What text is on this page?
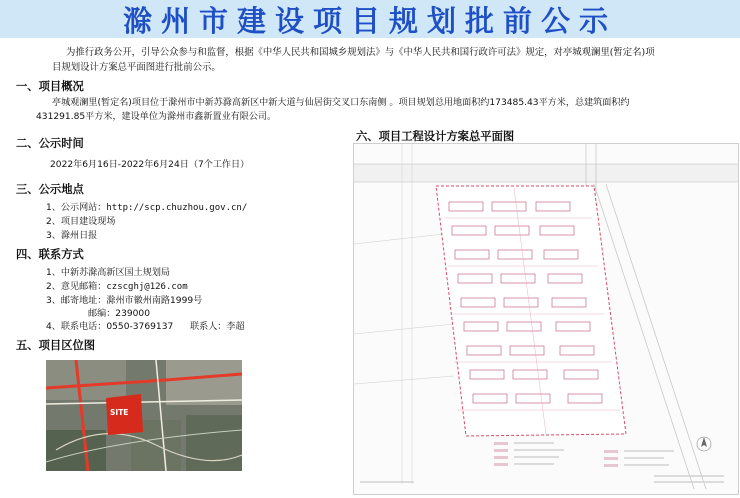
滁州市建设项目规划批前公示
为推行政务公开，引导公众参与和监督，根据《中华人民共和国城乡规划法》与《中华人民共和国行政许可法》规定，对亭城观澜里(暂定名)项
目规划设计方案总平面图进行批前公示。
一、项目概况
亭城观澜里(暂定名)项目位于滁州市中新苏滁高新区中新大道与仙居街交叉口东南侧 。项目规划总用地面积约173485.43平方米，总建筑面积约
431291.85平方米，建设单位为滁州市鑫新置业有限公司。
二、公示时间
2022年6月16日-2022年6月24日（7个工作日）
三、公示地点
1、公示网站：http://scp.chuzhou.gov.cn/
2、项目建设现场
3、滁州日报
四、联系方式
1、中新苏滁高新区国土规划局
2、意见邮箱：czscghj@126.com
3、邮寄地址：滁州市徽州南路1999号
邮编：239000
4、联系电话：0550-3769137 联系人：李超
五、项目区位图
SITE
六、项目工程设计方案总平面图
